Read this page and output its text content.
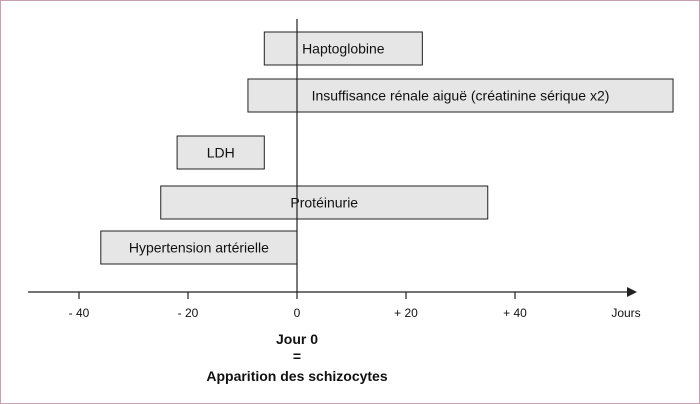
Haptoglobine
Insuffisance rénale aiguë (créatinine sérique x2)
LDH
Protéinurie
Hypertension artérielle
- 40	- 20	0	+ 20	+ 40	Jours
Jour 0
=
Apparition des schizocytes
